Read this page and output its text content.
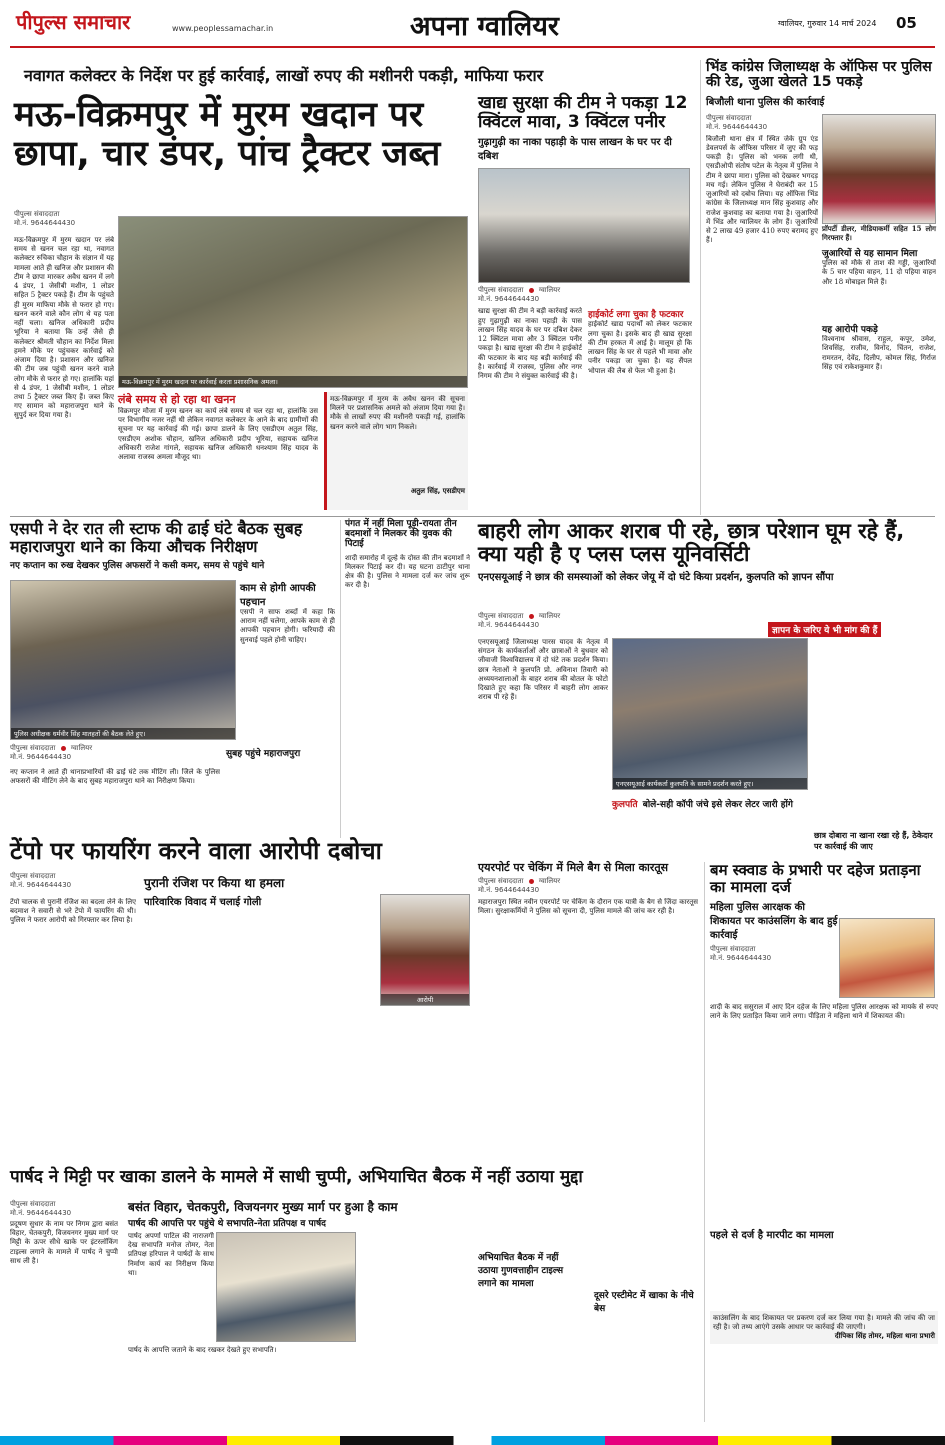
पीपुल्स समाचार	www.peoplessamachar.in	अपना ग्वालियर	ग्वालियर, गुरुवार 14 मार्च 2024 05
नवागत कलेक्टर के निर्देश पर हुई कार्रवाई, लाखों रुपए की मशीनरी पकड़ी, माफिया फरार
मऊ-विक्रमपुर में मुरम खदान पर छापा, चार डंपर, पांच ट्रैक्टर जब्त
पीपुल्स संवाददाता
मो.नं. 9644644430
मऊ-विक्रमपुर में मुरम खदान पर लंबे समय से खनन चल रहा था, नवागत कलेक्टर रुचिका चौहान के संज्ञान में यह मामला आते ही खनिज और प्रशासन की टीम ने छापा मारकर अवैध खनन में लगे 4 डंपर, 1 जेसीबी मशीन, 1 लोडर सहित 5 ट्रैक्टर पकड़े हैं। टीम के पहुंचते ही मुरम माफिया मौके से फरार हो गए। खनन करने वाले कौन लोग थे यह पता नहीं चला। खनिज अधिकारी प्रदीप भूरिया ने बताया कि उन्हें जैसे ही कलेक्टर श्रीमती चौहान का निर्देश मिला हमने मौके पर पहुंचकर कार्रवाई को अंजाम दिया है। प्रशासन और खनिज की टीम जब पहुंची खनन करने वाले लोग मौके से फरार हो गए। हालांकि यहां से 4 डंपर, 1 जेसीबी मशीन, 1 लोडर तथा 5 ट्रैक्टर जब्त किए हैं। जब्त किए गए सामान को महाराजपुरा थाने के सुपुर्द कर दिया गया है।
मऊ-विक्रमपुर में मुरम खदान पर कार्रवाई करता प्रशासनिक अमला।
लंबे समय से हो रहा था खनन
विक्रमपुर मौजा में मुरम खनन का कार्य लंबे समय से चल रहा था, हालांकि उस पर विभागीय नजर नहीं थी लेकिन नवागत कलेक्टर के आने के बाद ग्रामीणों की सूचना पर यह कार्रवाई की गई। छापा डालने के लिए एसडीएम अतुल सिंह, एसडीएम अशोक चौहान, खनिज अधिकारी प्रदीप भूरिया, सहायक खनिज अधिकारी राजेश गांगले, सहायक खनिज अधिकारी धनश्याम सिंह यादव के अलावा राजस्व अमला मौजूद था।
मऊ-विक्रमपुर में मुरम के अवैध खनन की सूचना मिलने पर प्रशासनिक अमले को अंजाम दिया गया है। मौके से लाखों रुपए की मशीनरी पकड़ी गई, हालांकि खनन करने वाले लोग भाग निकले।
अतुल सिंह, एसडीएम
खाद्य सुरक्षा की टीम ने पकड़ा 12 क्विंटल मावा, 3 क्विंटल पनीर
गुढ़ागुढ़ी का नाका पहाड़ी के पास लाखन के घर पर दी दबिश
पीपुल्स संवाददाता ग्वालियर
मो.नं. 9644644430
खाद्य सुरक्षा की टीम ने बड़ी कार्रवाई करते हुए गुढ़ागुढ़ी का नाका पहाड़ी के पास लाखन सिंह यादव के घर पर दबिश देकर 12 क्विंटल मावा और 3 क्विंटल पनीर पकड़ा है। खाद्य सुरक्षा की टीम ने हाईकोर्ट की फटकार के बाद यह बड़ी कार्रवाई की है। कार्रवाई में राजस्व, पुलिस और नगर निगम की टीम ने संयुक्त कार्रवाई की है।
हाईकोर्ट लगा चुका है फटकार
हाईकोर्ट खाद्य पदार्थों को लेकर फटकार लगा चुका है। इसके बाद ही खाद्य सुरक्षा की टीम हरकत में आई है। मालूम हो कि लाखन सिंह के घर से पहले भी मावा और पनीर पकड़ा जा चुका है। यह सैंपल भोपाल की लैब से फेल भी हुआ है।
भिंड कांग्रेस जिलाध्यक्ष के ऑफिस पर पुलिस की रेड, जुआ खेलते 15 पकड़े
बिजौली थाना पुलिस की कार्रवाई
पीपुल्स संवाददाता
मो.नं. 9644644430
बिजौली थाना क्षेत्र में स्थित जेके ग्रुप एंड डेवलपर्स के ऑफिस परिसर में जुए की फड़ पकड़ी है। पुलिस को भनक लगी थी, एसडीओपी संतोष पटेल के नेतृत्व में पुलिस ने टीम ने छापा मारा। पुलिस को देखकर भगदड़ मच गई। लेकिन पुलिस ने घेराबंदी कर 15 जुआरियों को दबोच लिया। यह ऑफिस भिंड कांग्रेस के जिलाध्यक्ष मान सिंह कुशवाह और राजेश कुशवाह का बताया गया है। जुआरियों में भिंड और ग्वालियर के लोग हैं। जुआरियों से 2 लाख 49 हजार 410 रुपए बरामद हुए हैं।
प्रॉपर्टी डीलर, मीडियाकर्मी सहित 15 लोग गिरफ्तार हैं।
जुआरियों से यह सामान मिला
पुलिस को मौके से ताश की गड्डी, जुआरियों के 5 चार पहिया वाहन, 11 दो पहिया वाहन और 18 मोबाइल मिले हैं।
यह आरोपी पकड़े
विश्वनाथ श्रीवास, राहुल, कपूर, उमेश, शिवसिंह, राजीव, विनोद, चिंतन, राजेश, रामरतन, देवेंद्र, दिलीप, कोमल सिंह, गिर्राज सिंह एवं राकेशकुमार हैं।
एसपी ने देर रात ली स्टाफ की ढाई घंटे बैठक सुबह महाराजपुरा थाने का किया औचक निरीक्षण
नए कप्तान का रुख देखकर पुलिस अफसरों ने कसी कमर, समय से पहुंचे थाने
पुलिस अधीक्षक धर्मवीर सिंह मातहतों की बैठक लेते हुए।
काम से होगी आपकी पहचान
एसपी ने साफ शब्दों में कहा कि आराम नहीं चलेगा, आपके काम से ही आपकी पहचान होगी। फरियादी की सुनवाई पहले होनी चाहिए।
पीपुल्स संवाददाता ग्वालियर
मो.नं. 9644644430
नए कप्तान ने आते ही थानाप्रभारियों की ढाई घंटे तक मीटिंग ली। जिले के पुलिस अफसरों की मीटिंग लेने के बाद सुबह महाराजपुरा थाने का निरीक्षण किया।
सुबह पहुंचे महाराजपुरा
पंगत में नहीं मिला पूड़ी-रायता तीन बदमाशों ने मिलकर की युवक की पिटाई
शादी समारोह में दूल्हे के दोस्त की तीन बदमाशों ने मिलकर पिटाई कर दी। यह घटना ठाटीपुर थाना क्षेत्र की है। पुलिस ने मामला दर्ज कर जांच शुरू कर दी है।
बाहरी लोग आकर शराब पी रहे, छात्र परेशान घूम रहे हैं, क्या यही है ए प्लस प्लस यूनिवर्सिटी
एनएसयूआई ने छात्र की समस्याओं को लेकर जेयू में दो घंटे किया प्रदर्शन, कुलपति को ज्ञापन सौंपा
पीपुल्स संवाददाता ग्वालियर
मो.नं. 9644644430
ज्ञापन के जरिए ये भी मांग की हैं
एनएसयूआई जिलाध्यक्ष पारस यादव के नेतृत्व में संगठन के कार्यकर्ताओं और छात्राओं ने बुधवार को जीवाजी विश्वविद्यालय में दो घंटे तक प्रदर्शन किया। छात्र नेताओं ने कुलपति प्रो. अविनाश तिवारी को अध्ययनशालाओं के बाहर शराब की बोतल के फोटो दिखाते हुए कहा कि परिसर में बाहरी लोग आकर शराब पी रहे हैं।
एनएसयूआई कार्यकर्ता कुलपति के सामने प्रदर्शन करते हुए।
कुलपति बोले-सही कॉपी जंचे इसे लेकर लेटर जारी होंगे
छात्र दोबारा ना खाना रखा रहे हैं, ठेकेदार पर कार्रवाई की जाए
टेंपो पर फायरिंग करने वाला आरोपी दबोचा
पीपुल्स संवाददाता
मो.नं. 9644644430	पुरानी रंजिश पर किया था हमला
टेंपो चालक से पुरानी रंजिश का बदला लेने के लिए बदमाश ने सवारी से भरे टेंपो में फायरिंग की थी। पुलिस ने फरार आरोपी को गिरफ्तार कर लिया है।
पारिवारिक विवाद में चलाई गोली
आरोपी
एयरपोर्ट पर चेकिंग में मिले बैग से मिला कारतूस
पीपुल्स संवाददाता ग्वालियर
मो.नं. 9644644430
महाराजपुरा स्थित नवीन एयरपोर्ट पर चेकिंग के दौरान एक यात्री के बैग से जिंदा कारतूस मिला। सुरक्षाकर्मियों ने पुलिस को सूचना दी, पुलिस मामले की जांच कर रही है।
बम स्क्वाड के प्रभारी पर दहेज प्रताड़ना का मामला दर्ज
महिला पुलिस आरक्षक की शिकायत पर काउंसलिंग के बाद हुई कार्रवाई
पीपुल्स संवाददाता
मो.नं. 9644644430
शादी के बाद ससुराल में आए दिन दहेज के लिए महिला पुलिस आरक्षक को मायके से रुपए लाने के लिए प्रताड़ित किया जाने लगा। पीड़िता ने महिला थाने में शिकायत की।
पहले से दर्ज है मारपीट का मामला
काउंसलिंग के बाद शिकायत पर प्रकरण दर्ज कर लिया गया है। मामले की जांच की जा रही है। जो तथ्य आएंगे उसके आधार पर कार्रवाई की जाएगी।
दीपिका सिंह तोमर, महिला थाना प्रभारी
पार्षद ने मिट्टी पर खाका डालने के मामले में साधी चुप्पी, अभियाचित बैठक में नहीं उठाया मुद्दा
पीपुल्स संवाददाता
मो.नं. 9644644430	बसंत विहार, चेतकपुरी, विजयनगर मुख्य मार्ग पर हुआ है काम
पार्षद की आपत्ति पर पहुंचे थे सभापति-नेता प्रतिपक्ष व पार्षद
प्रदूषण सुधार के नाम पर निगम द्वारा बसंत विहार, चेतकपुरी, विजयनगर मुख्य मार्ग पर मिट्टी के ऊपर सीधे खाके पर इंटरलॉकिंग टाइल्स लगाने के मामले में पार्षद ने चुप्पी साध ली है।
पार्षद अपर्णा पाटिल की नाराजगी देख सभापति मनोज तोमर, नेता प्रतिपक्ष हरिपाल ने पार्षदों के साथ निर्माण कार्य का निरीक्षण किया था।
पार्षद के आपत्ति जताने के बाद रखकर देखते हुए सभापति।
अभियाचित बैठक में नहीं उठाया गुणवत्ताहीन टाइल्स लगाने का मामला
दूसरे एस्टीमेट में खाका के नीचे बेस
